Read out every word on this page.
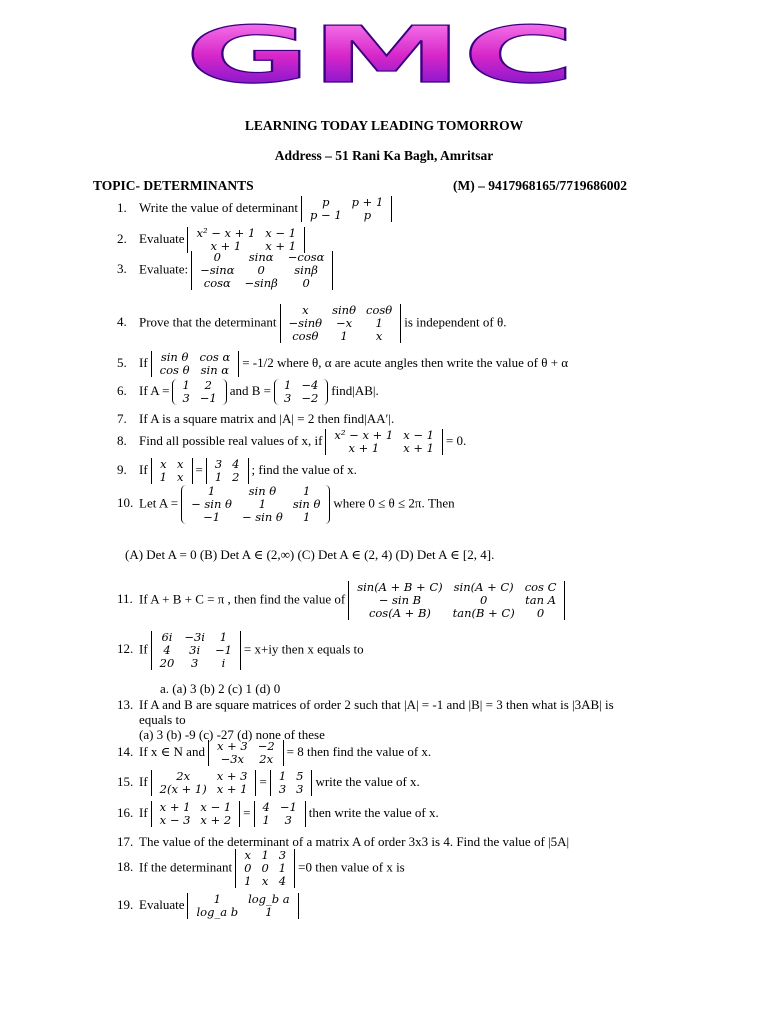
GMC
LEARNING TODAY LEADING TOMORROW
Address – 51 Rani Ka Bagh, Amritsar
TOPIC- DETERMINANTS	(M) – 9417968165/7719686002
1. Write the value of determinant p	p + 1
p − 1	p
2. Evaluate x² − x + 1	x − 1
x + 1	x + 1
3. Evaluate:
0	sinα	−cosα
−sinα	0	sinβ
cosα	−sinβ	0
4. Prove that the determinant
x	sinθ	cosθ
−sinθ	−x	1
cosθ	1	x
is independent of θ.
5. If sin θ	cos α
cos θ	sin α
= -1/2 where θ, α are acute angles then write the value of θ + α
6. If A = 1	2
3	−1
and B = 1	−4
3	−2
find|AB|.
7. If A is a square matrix and |A| = 2 then find|AA′|.
8. Find all possible real values of x, if x² − x + 1	x − 1
x + 1	x + 1
= 0.
9. If x	x
1	x
= 3	4
1	2
; find the value of x.
10. Let A =
1	sin θ	1
− sin θ	1	sin θ
−1	− sin θ	1
where 0 ≤ θ ≤ 2π. Then
11. If A + B + C = π , then find the value of
sin(A + B + C)	sin(A + C)	cos C
− sin B	0	tan A
cos(A + B)	tan(B + C)	0
12. If
6i	−3i	1
4	3i	−1
20	3	i
= x+iy then x equals to
13. If A and B are square matrices of order 2 such that |A| = -1 and |B| = 3 then what is |3AB| is
14. If x ∈ N and x + 3	−2
−3x	2x
= 8 then find the value of x.
15. If 2x	x + 3
2(x + 1)	x + 1
= 1	5
3	3
write the value of x.
16. If x + 1	x − 1
x − 3	x + 2
= 4	−1
1	3
then write the value of x.
17. The value of the determinant of a matrix A of order 3x3 is 4. Find the value of |5A|
18. If the determinant
x	1	3
0	0	1
1	x	4
=0 then value of x is
19. Evaluate	1	log_b a
log_a b	1
(A) Det A = 0 (B) Det A ∈ (2,∞) (C) Det A ∈ (2, 4) (D) Det A ∈ [2, 4].
a. (a) 3 (b) 2 (c) 1 (d) 0
equals to
(a) 3 (b) -9 (c) -27 (d) none of these
